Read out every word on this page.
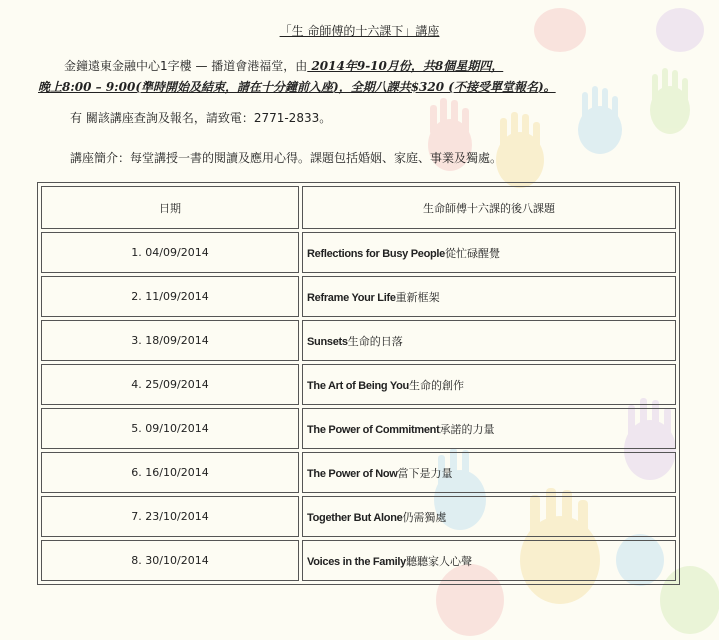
「生 命師傅的十六課下」講座
金鐘遠東金融中心1字樓 — 播道會港福堂，由 2014年9-10月份，共8個星期四，
晚上8:00 – 9:00(準時開始及結束，請在十分鐘前入座)，全期八課共$320 (不接受單堂報名)。
有 關該講座查詢及報名，請致電：2771-2833。
講座簡介：每堂講授一書的閱讀及應用心得。課題包括婚姻、家庭、事業及獨處。
日期	生命師傅十六課的後八課題
1. 04/09/2014	Reflections for Busy People從忙碌醒覺
2. 11/09/2014	Reframe Your Life重新框架
3. 18/09/2014	Sunsets生命的日落
4. 25/09/2014	The Art of Being You生命的創作
5. 09/10/2014	The Power of Commitment承諾的力量
6. 16/10/2014	The Power of Now當下是力量
7. 23/10/2014	Together But Alone仍需獨處
8. 30/10/2014	Voices in the Family聽聽家人心聲
